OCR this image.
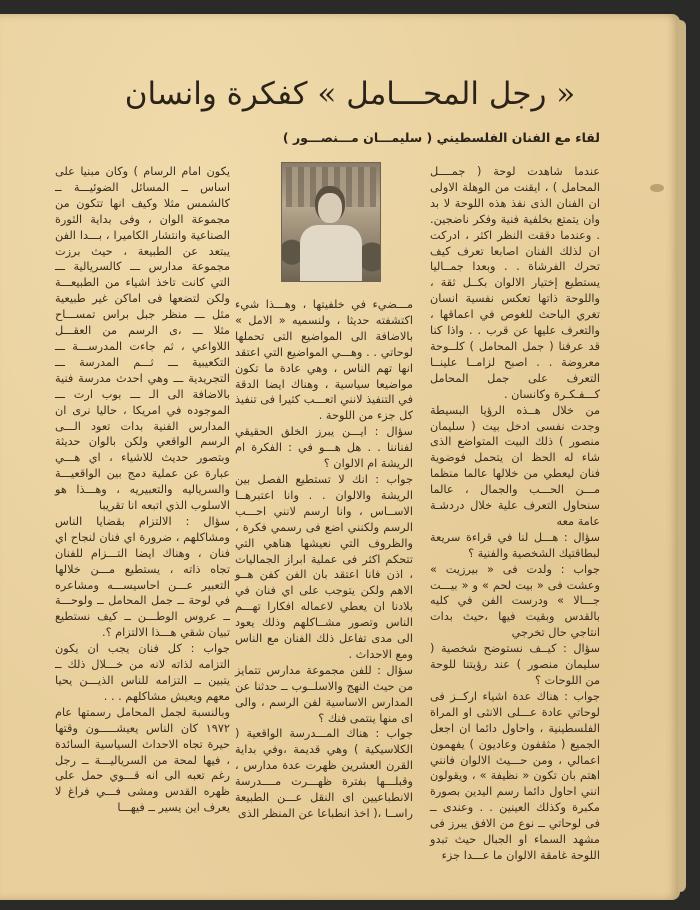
« رجل المحـــامل » كفكرة وانسان
لقاء مع الفنان الفلسطيني ( سليمـــان مـــنصـــور )

عندما شاهدت لوحة ( جمــــل المحامل ) ، ايقنت من الوهلة الاولى ان الفنان الذى نفذ هذه اللوحة لا بد وان يتمتع بخلفية فنية وفكر ناضجين. . وعندما دققت النظر اكثر ، ادركت ان لذلك الفنان اصابعا تعرف كيف تحرك الفرشاة . . وبعدا جمــاليا يستطيع إختيار الالوان بكــل ثقة ، واللوحة ذاتها تعكس نفسية انسان تغري الباحث للغوص في اعماقها ، والتعرف عليها عن قرب . . واذا كنا قد عرفنا ( جمل المحامل ) كلــوحة معروضة . . اصبح لزامــا علينــا التعرف على جمل المحامل كـــفـكـرة وكانسان .

من خلال هــذه الرؤيا البسيطة وجدت نفسى ادخل بيت ( سليمان منصور ) ذلك البيت المتواضع الذى شاء له الحظ ان يتحمل فوضوية فنان ليعطي من خلالها عالما منظما مـــن الحـــب والجمال ، عالما سنحاول التعرف علية خلال دردشـة عامة معه

سؤال : هـــل لنا في قراءة سريعة لبطاقتيك الشخصية والفنية ؟

جواب : ولدت فى « بيرزيت » وعشت فى « بيت لحم » و « بيـــت جـــالا » ودرست الفن في كليه بالقدس وبقيت فيها ،حيث بدات انتاجي حال تخرجي

سؤال : كيــف نستوضح شخصية ( سليمان منصور ) عند رؤيتنا للوحة من اللوحات ؟

جواب : هناك عدة اشياء اركــز فى لوحاتي عادة عـــلى الانثى او المراة الفلسطينية ، واحاول دائما ان اجعل الجميع ( مثقفون وعاديون ) يفهمون اعمالي ، ومن حـــيث الالوان فانني اهتم بان تكون « نظيفة » ، ويقولون انني احاول دائما رسم اليدين بصورة مكبرة وكذلك العينين . . وعندى ــ فى لوحاتي ــ نوع من الافق يبرز فى مشهد السماء او الجبال حيث تبدو اللوحة غامقة الالوان ما عـــدا جزء

مـــضيء في خلفيتها ، وهـــذا شيء اكتشفته حديثا ، ولنسميه « الامل » بالاضافة الى المواضيع التى تحملها لوحاتي . . وهـــي المواضيع التي اعتقد انها تهم الناس ، وهي عادة ما تكون مواضيعا سياسية ، وهناك ايضا الدقة في التنفيذ لانني اتعـــب كثيرا فى تنفيذ كل جزء من اللوحة .

سؤال : ايـــن يبرز الخلق الحقيقي لفناننا . . هل هـــو في : الفكرة ام الريشة ام الالوان ؟

جواب : انك لا تستطيع الفصل بين الريشة والالوان . . وانا اعتبرهــا الاســاس ، وانا ارسم لانني احـــب الرسم ولكنني اضع فى رسمي فكرة ، والظروف التي نعيشها هناهي التي تتحكم اكثر فى عملية ابراز الجماليات ، اذن فانا اعتقد بان الفن كفن هــو الاهم ولكن يتوجب على اي فنان في بلادنا ان يعطي لاعماله افكارا تهـــم الناس وتصور مشــاكلهم وذلك يعود الى مدى تفاعل ذلك الفنان مع الناس ومع الاحداث .

سؤال : للفن مجموعة مدارس تتمايز من حيث النهج والاسلــوب ــ حدثنا عن المدارس الاساسية لفن الرسم ، والى اى منها ينتمى فنك ؟

جواب : هناك المـــدرسة الواقعية ( الكلاسيكية ) وهي قديمة ،وفي بداية القرن العشرين ظهرت عدة مدارس ، وقبلـــها بفترة ظهـــرت مــــدرسة الانطباعيين اى النقل عـــن الطبيعة راســا ،( اخذ انطباعا عن المنظر الذى

يكون امام الرسام ) وكان مبنيا على اساس ــ المسائل الضوئيـــة ــ كالشمس مثلا وكيف انها تتكون من مجموعة الوان ، وفى بداية الثورة الصناعية وانتشار الكاميرا ، بـــدا الفن يبتعد عن الطبيعة ، حيث برزت مجموعة مدارس ـــ كالسريالية ـــ التي كانت تاخذ اشياء من الطبيعـــة ولكن لتضعها فى اماكن غير طبيعية مثل ـــ منظر جبل براس تمســـاح مثلا ـــ ،ى الرسم من العقـــل اللاواعي ، ثم جاءت المدرســـة ـــ التكعيبية ـــ ثـــم المدرسة ـــ التجريدية ـــ وهي احدث مدرسة فنية بالاضافة الى الـ ـــ بوب ارت ـــ الموجوده في امريكا ، حاليا نرى ان المدارس الفنية بدات تعود الـــى الرسم الواقعي ولكن بالوان حديثة وبتصور حديث للاشياء ، اي هـــي عبارة عن عملية دمج بين الواقعيـــة والسرياليه والتعبيريه ، وهـــذا هو الاسلوب الذي اتبعه انا تقريبا

سؤال : الالتزام بقضايا الناس ومشاكلهم ، ضرورة اي فنان لنجاح اي فنان ، وهناك ايضا التـــزام للفنان تجاه ذاته ، يستطيع مـــن خلالها التعبير عـــن احاسيســـه ومشاعره في لوحة ــ جمل المحامل ــ ولوحـــة ــ عروس الوطـــن ــ كيف نستطيع تبيان شقي هـــذا الالتزام ؟.

جواب : كل فنان يجب ان يكون التزامه لذاته لانه من خـــلال ذلك ــ يتبين ــ التزامه للناس الذيـــن يحيا معهم ويعيش مشاكلهم . . .

وبالنسبة لجمل المحامل رسمتها عام ١٩٧٢ كان الناس يعيشـــــون وقتها حيرة تجاه الاحداث السياسية السائدة ، فيها لمحة من السرياليـــة ــ رجل رغم تعبه الى انه قـــوي حمل على ظهره القدس ومشى فـــي فراغ لا يعرف اين يسير ــ فيهـــا
